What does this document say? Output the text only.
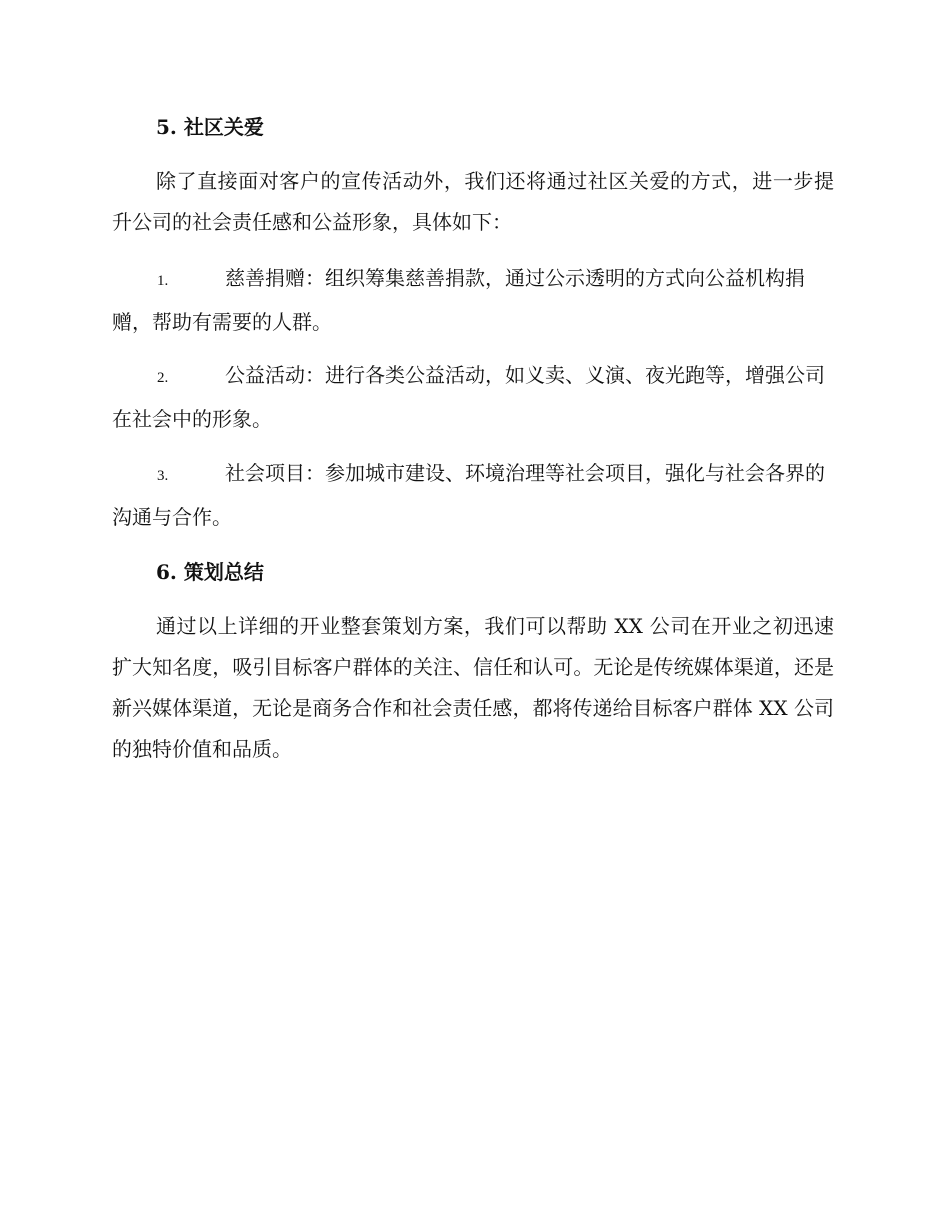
5. 社区关爱

除了直接面对客户的宣传活动外，我们还将通过社区关爱的方式，进一步提升公司的社会责任感和公益形象，具体如下：

1.	慈善捐赠：组织筹集慈善捐款，通过公示透明的方式向公益机构捐赠，帮助有需要的人群。

2.	公益活动：进行各类公益活动，如义卖、义演、夜光跑等，增强公司在社会中的形象。

3.	社会项目：参加城市建设、环境治理等社会项目，强化与社会各界的沟通与合作。

6. 策划总结

通过以上详细的开业整套策划方案，我们可以帮助 XX 公司在开业之初迅速扩大知名度，吸引目标客户群体的关注、信任和认可。无论是传统媒体渠道，还是新兴媒体渠道，无论是商务合作和社会责任感，都将传递给目标客户群体 XX 公司的独特价值和品质。
